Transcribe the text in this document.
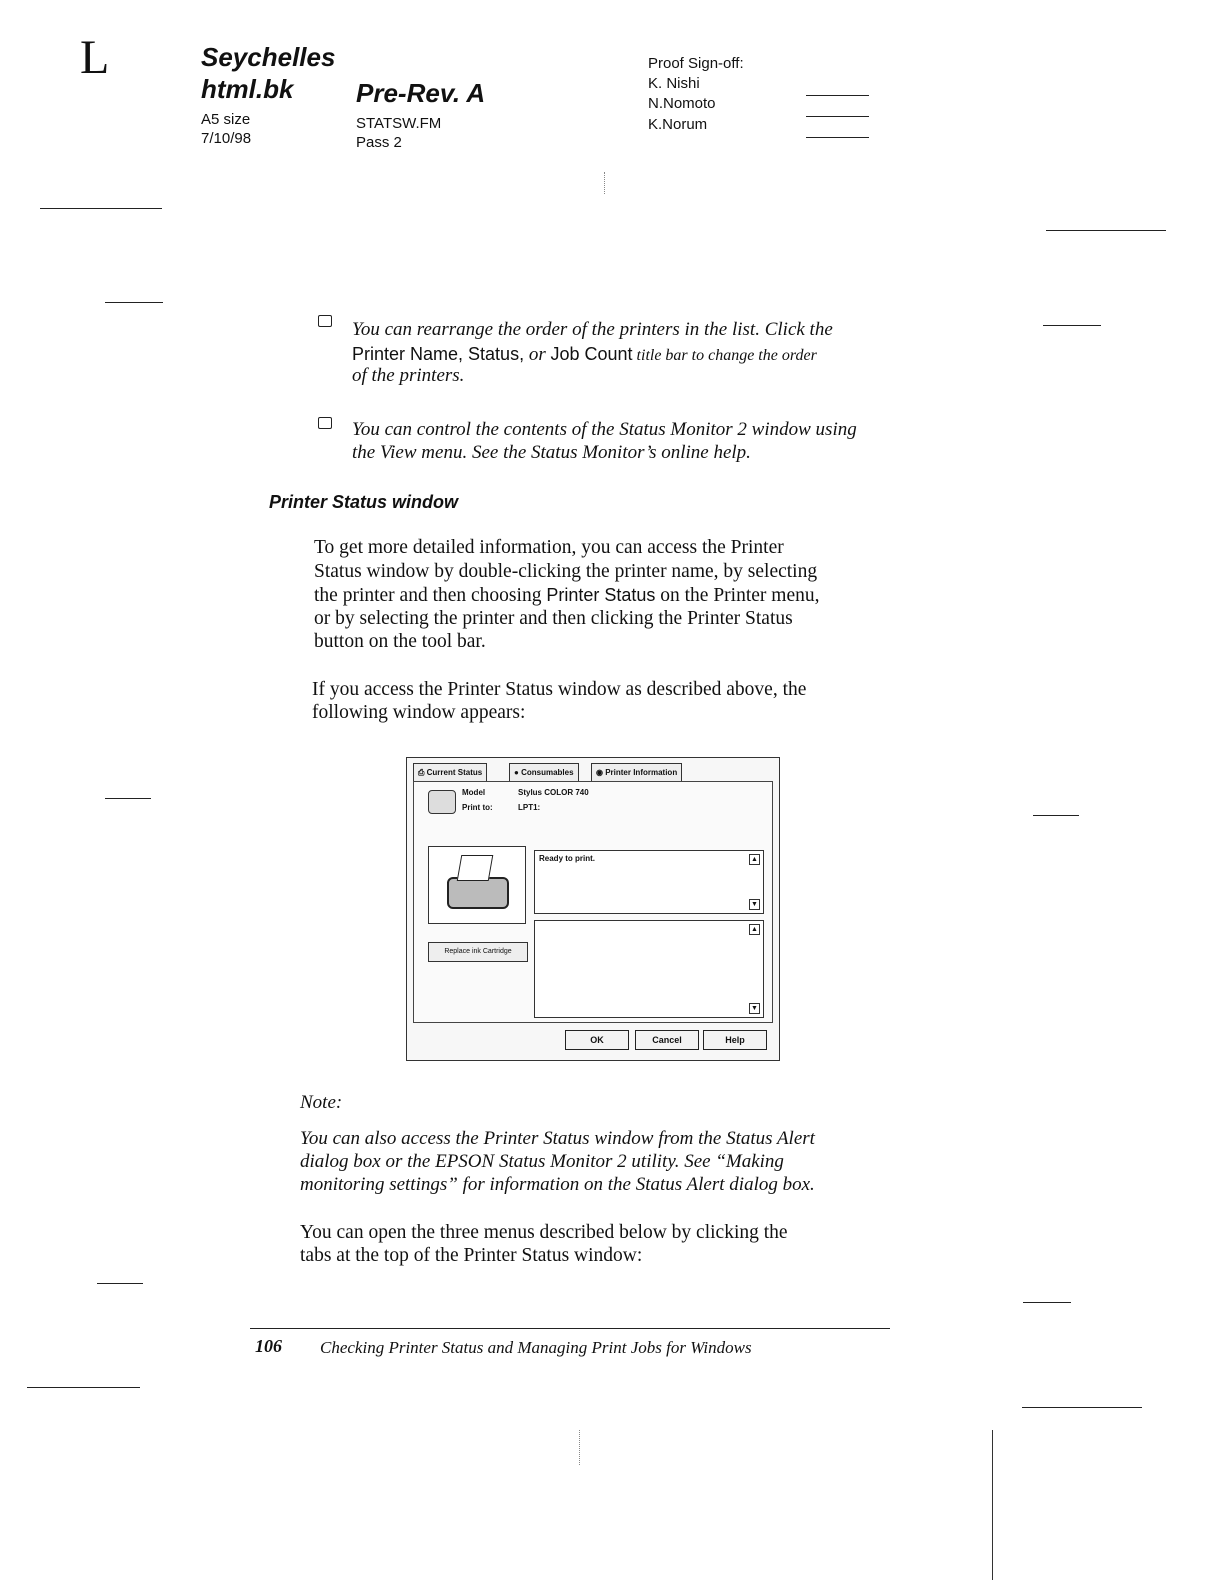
L	Seychelles
html.bk Pre-Rev. A
A5 size
7/10/98
STATSW.FM
Pass 2
Proof Sign-off:
K. Nishi
N.Nomoto
K.Norum
You can rearrange the order of the printers in the list. Click the
Printer Name, Status, or Job Count title bar to change the order
of the printers.
You can control the contents of the Status Monitor 2 window using
the View menu. See the Status Monitor’s online help.
Printer Status window
To get more detailed information, you can access the Printer
Status window by double-clicking the printer name, by selecting
the printer and then choosing Printer Status on the Printer menu,
or by selecting the printer and then clicking the Printer Status
button on the tool bar.
If you access the Printer Status window as described above, the
following window appears:
⎙ Current Status	● Consumables	◉ Printer Information
Model	Stylus COLOR 740
Print to:	LPT1:
Replace ink Cartridge
Ready to print.	▲
▼
▲
▼
OK	Cancel	Help
Note:
You can also access the Printer Status window from the Status Alert
dialog box or the EPSON Status Monitor 2 utility. See “Making
monitoring settings” for information on the Status Alert dialog box.
You can open the three menus described below by clicking the
tabs at the top of the Printer Status window:
106 Checking Printer Status and Managing Print Jobs for Windows
